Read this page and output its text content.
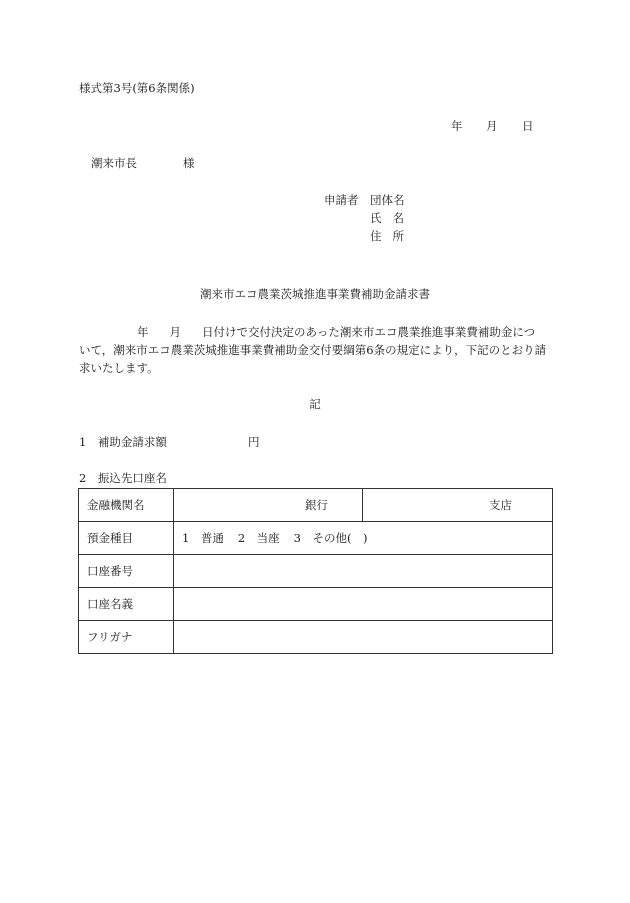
様式第3号(第6条関係)
年 月 日
潮来市長	様
申請者 団体名
氏名
住所
潮来市エコ農業茨城推進事業費補助金請求書
年 月 日付けで交付決定のあった潮来市エコ農業推進事業費補助金につ
いて，潮来市エコ農業茨城推進事業費補助金交付要綱第6条の規定により，下記のとおり請
求いたします。
記
1　補助金請求額	円
2　振込先口座名
金融機関名	銀行	支店
預金種目	1　普通 2　当座 3　その他(　)	
口座番号		
口座名義		
フリガナ		
